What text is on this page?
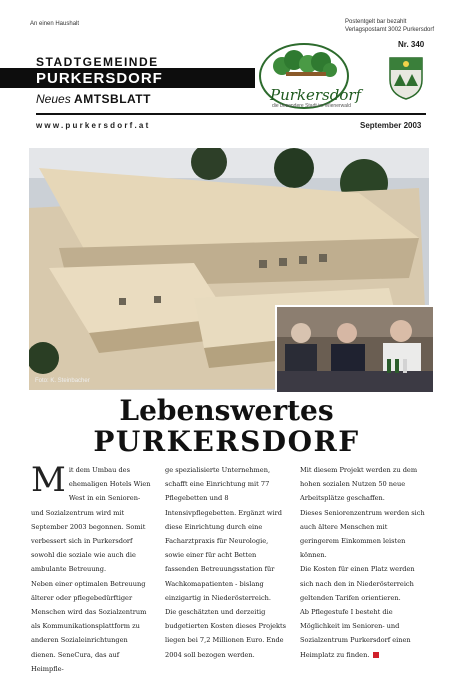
An einen Haushalt	Postentgelt bar bezahlt
Verlagspostamt 3002 Purkersdorf
Nr. 340
STADTGEMEINDE
PURKERSDORF
Neues AMTSBLATT	Purkersdorf
die besondere Stadt im Wienerwald
www.purkersdorf.at	September 2003
Foto: K. Steinbacher
Lebenswertes
PURKERSDORF
M it dem Umbau des ehemaligen Hotels Wien West in ein Senioren- und Sozialzentrum wird mit September 2003 begonnen. Somit verbessert sich in Purkersdorf sowohl die soziale wie auch die ambulante Betreuung.

Neben einer optimalen Betreuung älterer oder pflegebedürftiger Menschen wird das Sozialzentrum als Kommunikationsplattform zu anderen Sozialeinrichtungen dienen. SeneCura, das auf Heimpfle-

ge spezialisierte Unternehmen, schafft eine Einrichtung mit 77 Pflegebetten und 8 Intensivpflegebetten. Ergänzt wird diese Einrichtung durch eine Facharztpraxis für Neurologie, sowie einer für acht Betten fassenden Betreuungsstation für Wachkomapatienten - bislang einzigartig in Niederösterreich.

Die geschätzten und derzeitig budgetierten Kosten dieses Projekts liegen bei 7,2 Millionen Euro. Ende 2004 soll bezogen werden.

Mit diesem Projekt werden zu dem hohen sozialen Nutzen 50 neue Arbeitsplätze geschaffen.

Dieses Seniorenzentrum werden sich auch ältere Menschen mit geringerem Einkommen leisten können.

Die Kosten für einen Platz werden sich nach den in Niederösterreich geltenden Tarifen orientieren.

Ab Pflegestufe I besteht die Möglichkeit im Senioren- und Sozialzentrum Purkersdorf einen Heimplatz zu finden.
